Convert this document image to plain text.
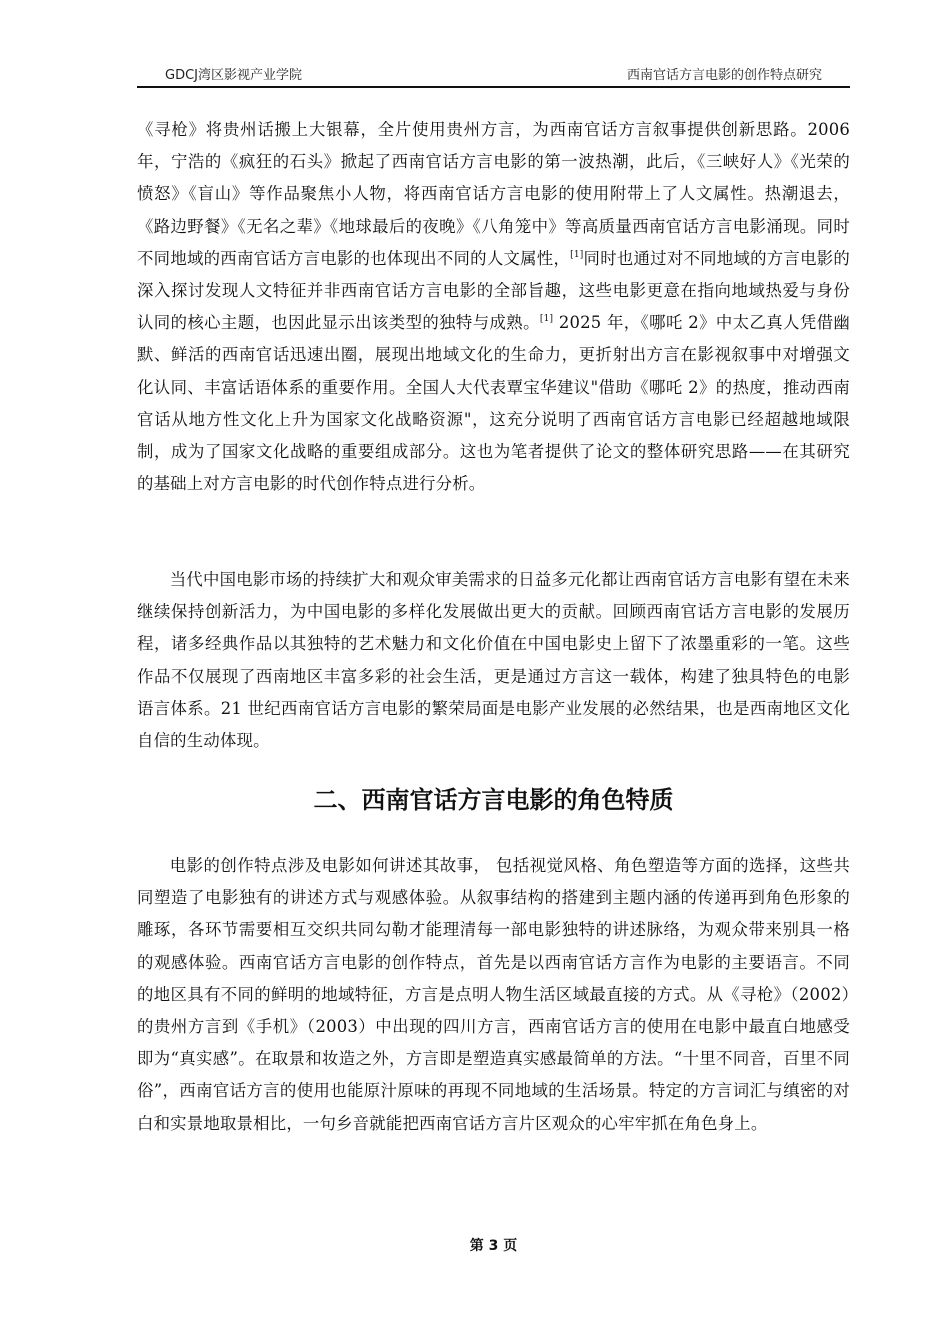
GDCJ湾区影视产业学院	西南官话方言电影的创作特点研究

《寻枪》将贵州话搬上大银幕，全片使用贵州方言，为西南官话方言叙事提供创新思路。2006 年，宁浩的《疯狂的石头》掀起了西南官话方言电影的第一波热潮，此后，《三峡好人》《光荣的愤怒》《盲山》等作品聚焦小人物，将西南官话方言电影的使用附带上了人文属性。热潮退去，《路边野餐》《无名之辈》《地球最后的夜晚》《八角笼中》等高质量西南官话方言电影涌现。同时不同地域的西南官话方言电影的也体现出不同的人文属性，[1]同时也通过对不同地域的方言电影的深入探讨发现人文特征并非西南官话方言电影的全部旨趣，这些电影更意在指向地域热爱与身份认同的核心主题，也因此显示出该类型的独特与成熟。[1] 2025 年，《哪吒 2》中太乙真人凭借幽默、鲜活的西南官话迅速出圈，展现出地域文化的生命力，更折射出方言在影视叙事中对增强文化认同、丰富话语体系的重要作用。全国人大代表覃宝华建议"借助《哪吒 2》的热度，推动西南官话从地方性文化上升为国家文化战略资源"，这充分说明了西南官话方言电影已经超越地域限制，成为了国家文化战略的重要组成部分。这也为笔者提供了论文的整体研究思路——在其研究的基础上对方言电影的时代创作特点进行分析。

当代中国电影市场的持续扩大和观众审美需求的日益多元化都让西南官话方言电影有望在未来继续保持创新活力，为中国电影的多样化发展做出更大的贡献。回顾西南官话方言电影的发展历程，诸多经典作品以其独特的艺术魅力和文化价值在中国电影史上留下了浓墨重彩的一笔。这些作品不仅展现了西南地区丰富多彩的社会生活，更是通过方言这一载体，构建了独具特色的电影语言体系。21 世纪西南官话方言电影的繁荣局面是电影产业发展的必然结果，也是西南地区文化自信的生动体现。

二、西南官话方言电影的角色特质

电影的创作特点涉及电影如何讲述其故事， 包括视觉风格、角色塑造等方面的选择，这些共同塑造了电影独有的讲述方式与观感体验。从叙事结构的搭建到主题内涵的传递再到角色形象的雕琢，各环节需要相互交织共同勾勒才能理清每一部电影独特的讲述脉络，为观众带来别具一格的观感体验。西南官话方言电影的创作特点，首先是以西南官话方言作为电影的主要语言。不同的地区具有不同的鲜明的地域特征，方言是点明人物生活区域最直接的方式。从《寻枪》（2002）的贵州方言到《手机》（2003）中出现的四川方言，西南官话方言的使用在电影中最直白地感受即为“真实感”。在取景和妆造之外，方言即是塑造真实感最简单的方法。“十里不同音，百里不同俗”，西南官话方言的使用也能原汁原味的再现不同地域的生活场景。特定的方言词汇与缜密的对白和实景地取景相比，一句乡音就能把西南官话方言片区观众的心牢牢抓在角色身上。

第 3 页
